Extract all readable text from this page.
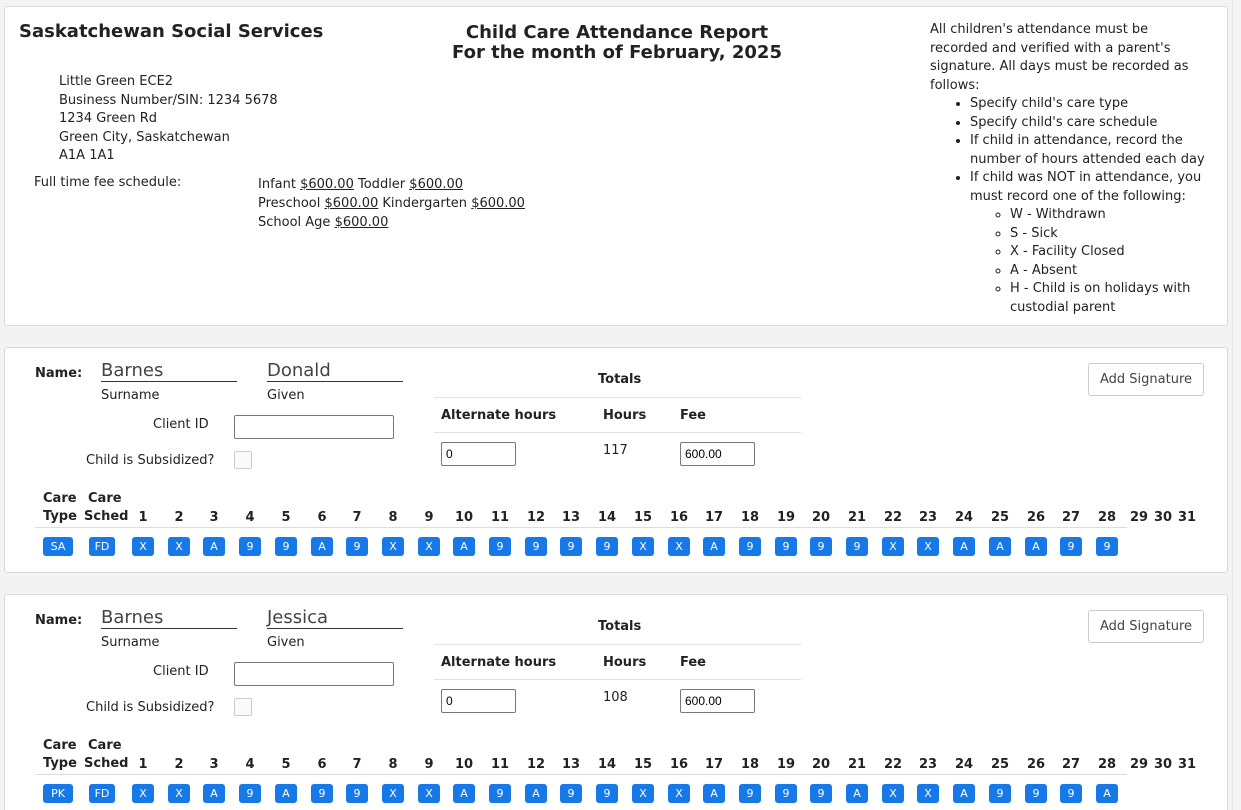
Saskatchewan Social Services	Child Care Attendance Report
For the month of February, 2025
Little Green ECE2
Business Number/SIN: 1234 5678
1234 Green Rd
Green City, Saskatchewan
A1A 1A1
Full time fee schedule:	Infant $600.00 Toddler $600.00
Preschool $600.00 Kindergarten $600.00
School Age $600.00
All children's attendance must be recorded and verified with a parent's signature. All days must be recorded as follows:
• Specify child's care type
• Specify child's care schedule
• If child in attendance, record the number of hours attended each day
• If child was NOT in attendance, you must record one of the following:
◦ W - Withdrawn
◦ S - Sick
◦ X - Facility Closed
◦ A - Absent
◦ H - Child is on holidays with custodial parent
Name: Barnes
Surname
Donald
Given
Client ID
Child is Subsidized?
Totals
Alternate hours	Hours	Fee
0
117
600.00
Add Signature
Care
Type
Care
Sched 1	2	3	4	5	6	7	8	9	10 11 12 13 14 15 16 17 18 19 20 21 22 23 24 25 26 27 28 29 30 31
SA	FD	X	X	A	9	9	A	9	X	X	A	9	9	9	9	X	X	A	9	9	9	9	X	X	A	A	A	9	9
Name: Barnes
Surname
Jessica
Given
Client ID
Child is Subsidized?
Totals
Alternate hours	Hours	Fee
0
108
600.00
Add Signature
Care
Type
Care
Sched 1	2	3	4	5	6	7	8	9	10 11 12 13 14 15 16 17 18 19 20 21 22 23 24 25 26 27 28 29 30 31
PK	FD	X	X	A	9	A	9	9	X	X	A	9	A	9	9	X	X	A	9	9	9	A	X	X	A	9	9	9	A
